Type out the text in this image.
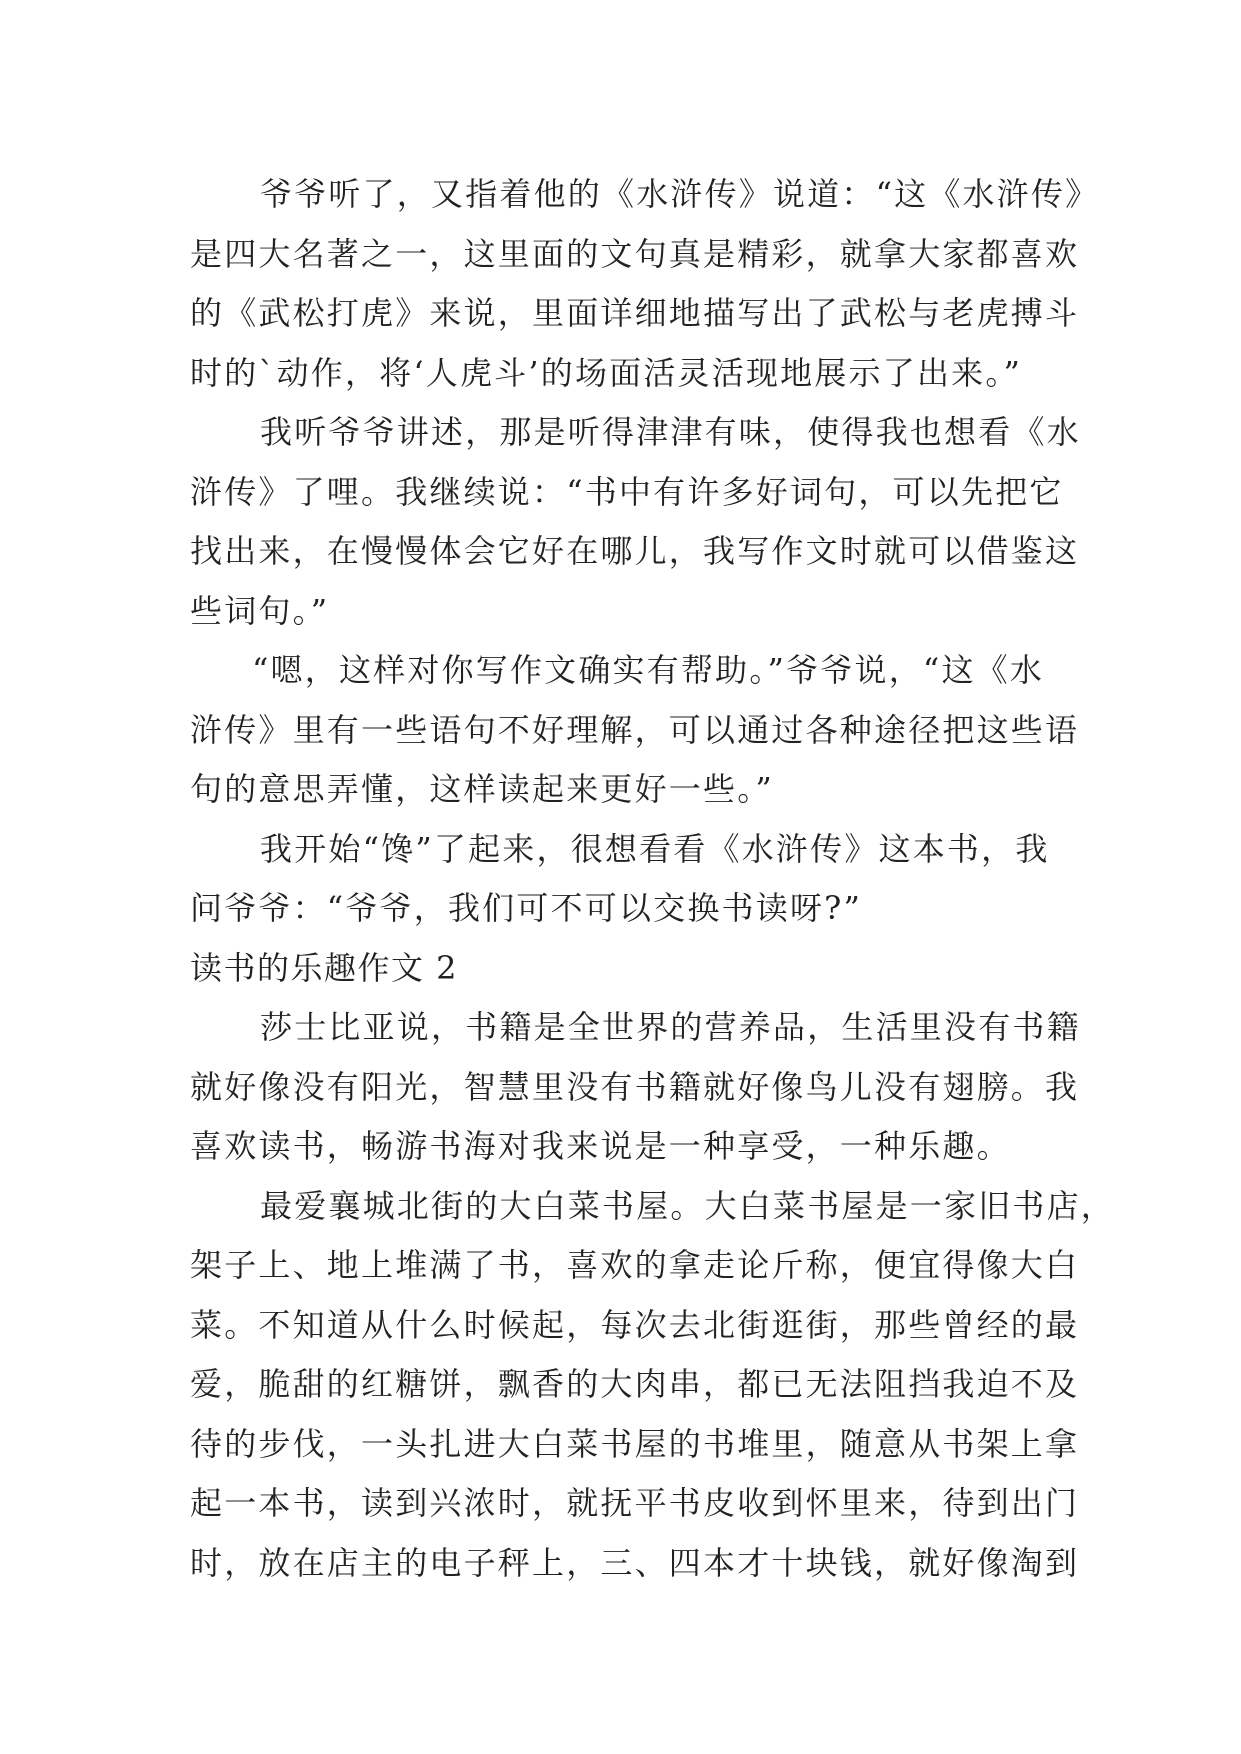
爷爷听了，又指着他的《水浒传》说道：“这《水浒传》
是四大名著之一，这里面的文句真是精彩，就拿大家都喜欢
的《武松打虎》来说，里面详细地描写出了武松与老虎搏斗
时的`动作，将‘人虎斗’的场面活灵活现地展示了出来。”
我听爷爷讲述，那是听得津津有味，使得我也想看《水
浒传》了哩。我继续说：“书中有许多好词句，可以先把它
找出来，在慢慢体会它好在哪儿，我写作文时就可以借鉴这
些词句。”
“嗯，这样对你写作文确实有帮助。”爷爷说，“这《水
浒传》里有一些语句不好理解，可以通过各种途径把这些语
句的意思弄懂，这样读起来更好一些。”
我开始“馋”了起来，很想看看《水浒传》这本书，我
问爷爷：“爷爷，我们可不可以交换书读呀?”
读书的乐趣作文 2
莎士比亚说，书籍是全世界的营养品，生活里没有书籍
就好像没有阳光，智慧里没有书籍就好像鸟儿没有翅膀。我
喜欢读书，畅游书海对我来说是一种享受，一种乐趣。
最爱襄城北街的大白菜书屋。大白菜书屋是一家旧书店，
架子上、地上堆满了书，喜欢的拿走论斤称，便宜得像大白
菜。不知道从什么时候起，每次去北街逛街，那些曾经的最
爱，脆甜的红糖饼，飘香的大肉串，都已无法阻挡我迫不及
待的步伐，一头扎进大白菜书屋的书堆里，随意从书架上拿
起一本书，读到兴浓时，就抚平书皮收到怀里来，待到出门
时，放在店主的电子秤上，三、四本才十块钱，就好像淘到
